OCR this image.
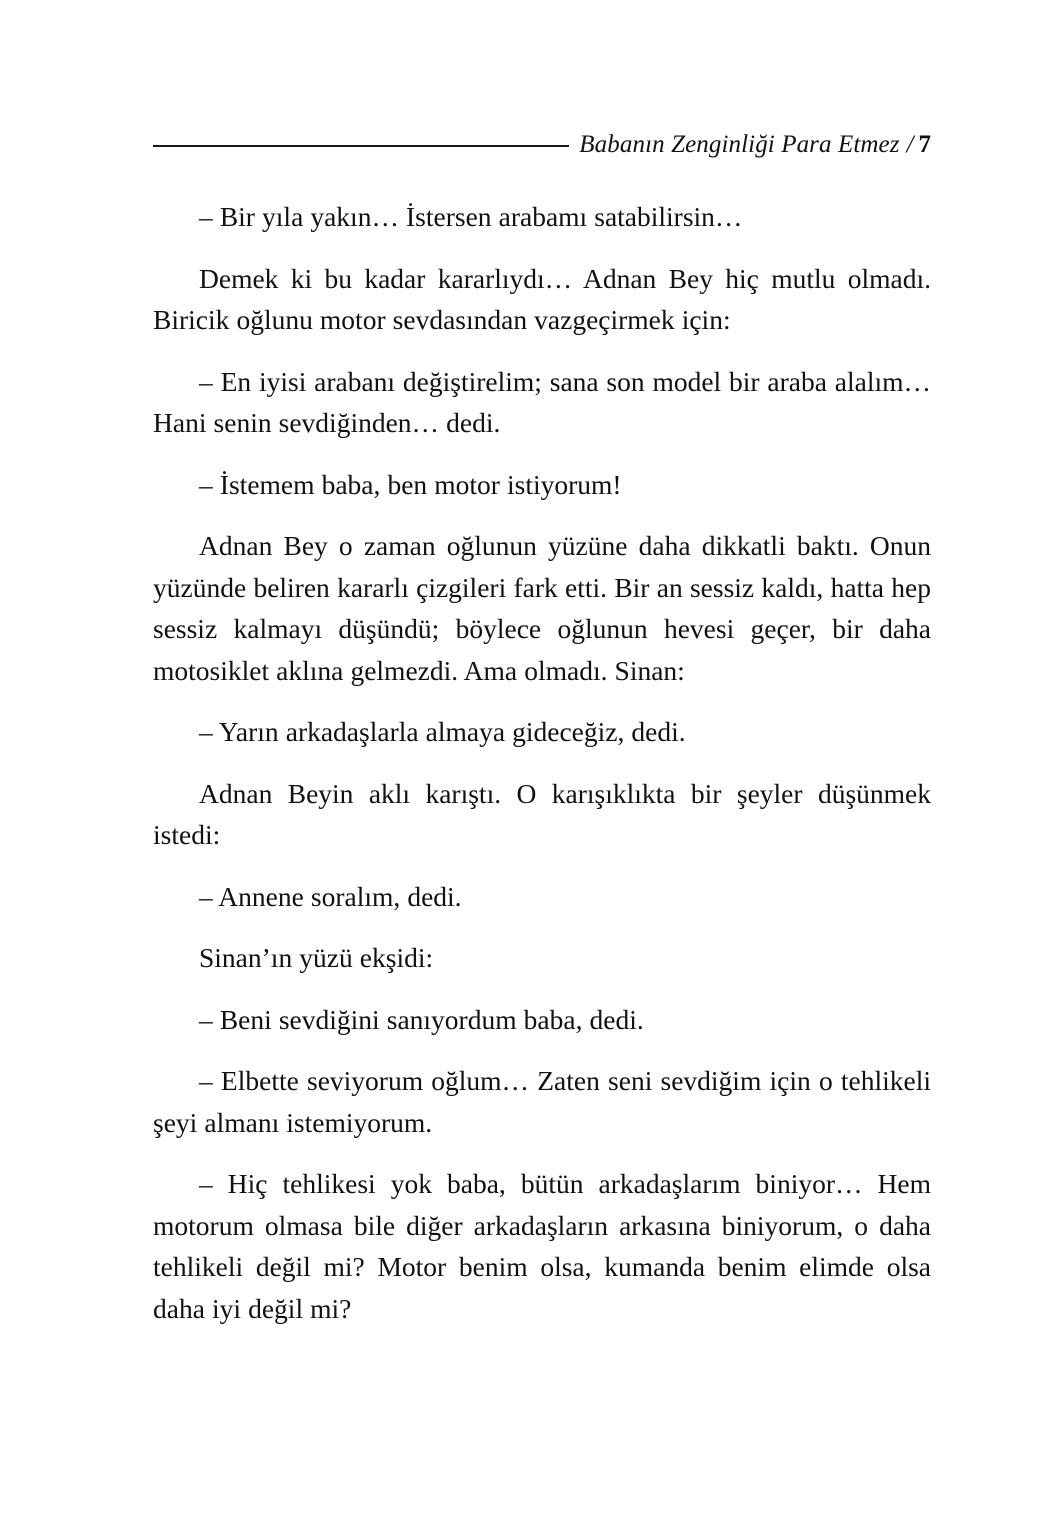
Babanın Zenginliği Para Etmez / 7

– Bir yıla yakın… İstersen arabamı satabilirsin…

Demek ki bu kadar kararlıydı… Adnan Bey hiç mutlu olmadı. Biricik oğlunu motor sevdasından vazgeçirmek için:

– En iyisi arabanı değiştirelim; sana son model bir araba alalım… Hani senin sevdiğinden… dedi.

– İstemem baba, ben motor istiyorum!

Adnan Bey o zaman oğlunun yüzüne daha dikkatli baktı. Onun yüzünde beliren kararlı çizgileri fark etti. Bir an sessiz kaldı, hatta hep sessiz kalmayı düşündü; böylece oğlunun hevesi geçer, bir daha motosiklet aklına gelmezdi. Ama olmadı. Sinan:

– Yarın arkadaşlarla almaya gideceğiz, dedi.

Adnan Beyin aklı karıştı. O karışıklıkta bir şeyler düşünmek istedi:

– Annene soralım, dedi.

Sinan’ın yüzü ekşidi:

– Beni sevdiğini sanıyordum baba, dedi.

– Elbette seviyorum oğlum… Zaten seni sevdiğim için o tehlikeli şeyi almanı istemiyorum.

– Hiç tehlikesi yok baba, bütün arkadaşlarım biniyor… Hem motorum olmasa bile diğer arkadaşların arkasına biniyorum, o daha tehlikeli değil mi? Motor benim olsa, kumanda benim elimde olsa daha iyi değil mi?
